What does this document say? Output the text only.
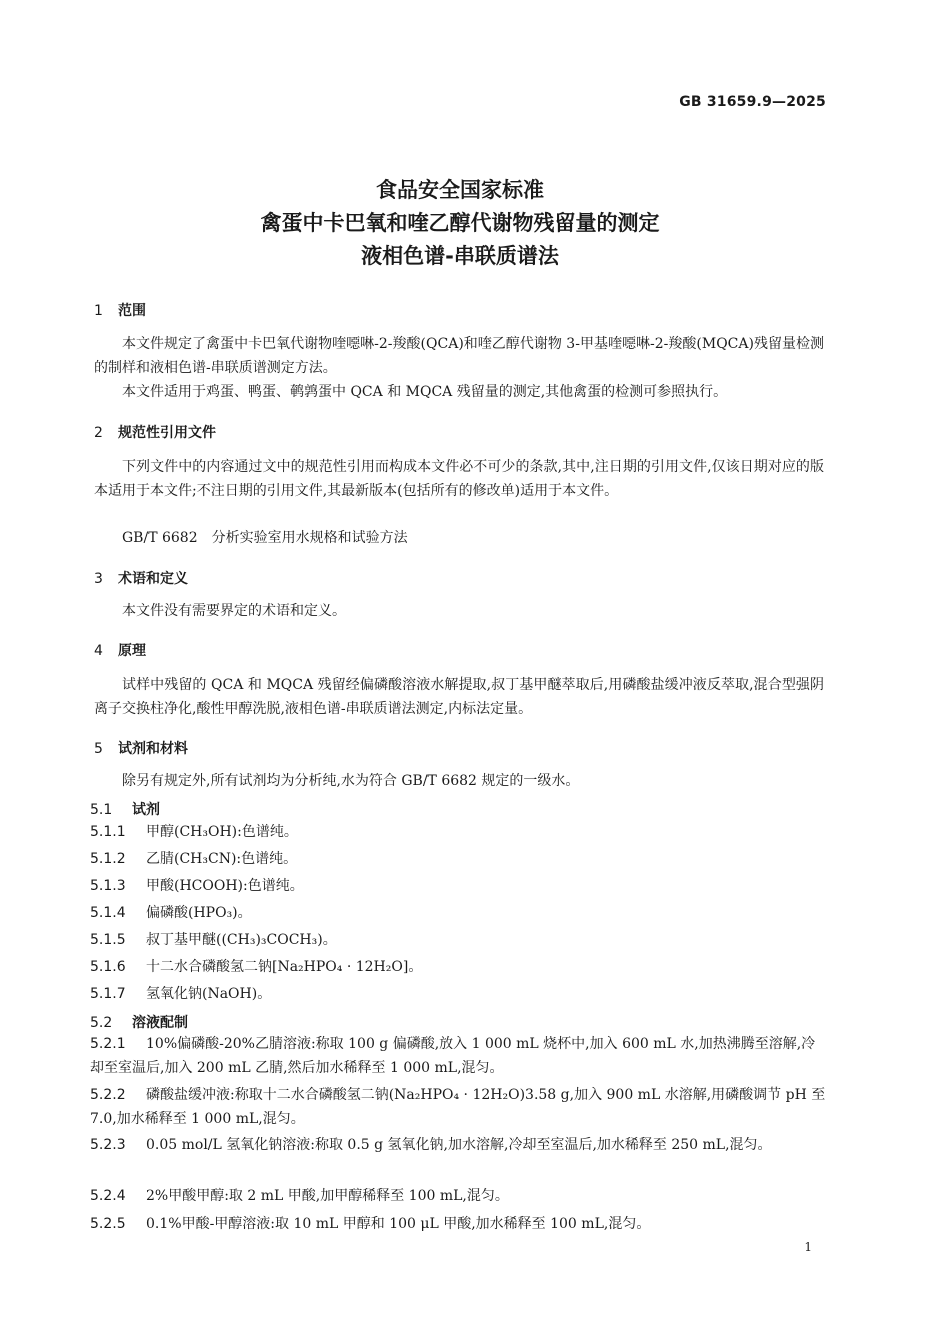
GB 31659.9—2025
食品安全国家标准
禽蛋中卡巴氧和喹乙醇代谢物残留量的测定
液相色谱-串联质谱法
1 范围
本文件规定了禽蛋中卡巴氧代谢物喹噁啉-2-羧酸(QCA)和喹乙醇代谢物 3-甲基喹噁啉-2-羧酸(MQCA)残留量检测的制样和液相色谱-串联质谱测定方法。
本文件适用于鸡蛋、鸭蛋、鹌鹑蛋中 QCA 和 MQCA 残留量的测定,其他禽蛋的检测可参照执行。
2 规范性引用文件
下列文件中的内容通过文中的规范性引用而构成本文件必不可少的条款,其中,注日期的引用文件,仅该日期对应的版本适用于本文件;不注日期的引用文件,其最新版本(包括所有的修改单)适用于本文件。
GB/T 6682　分析实验室用水规格和试验方法
3 术语和定义
本文件没有需要界定的术语和定义。
4 原理
试样中残留的 QCA 和 MQCA 残留经偏磷酸溶液水解提取,叔丁基甲醚萃取后,用磷酸盐缓冲液反萃取,混合型强阴离子交换柱净化,酸性甲醇洗脱,液相色谱-串联质谱法测定,内标法定量。
5 试剂和材料
除另有规定外,所有试剂均为分析纯,水为符合 GB/T 6682 规定的一级水。
5.1 试剂
5.1.1 甲醇(CH₃OH):色谱纯。
5.1.2 乙腈(CH₃CN):色谱纯。
5.1.3 甲酸(HCOOH):色谱纯。
5.1.4 偏磷酸(HPO₃)。
5.1.5 叔丁基甲醚((CH₃)₃COCH₃)。
5.1.6 十二水合磷酸氢二钠[Na₂HPO₄ · 12H₂O]。
5.1.7 氢氧化钠(NaOH)。
5.2 溶液配制
5.2.1 10%偏磷酸-20%乙腈溶液:称取 100 g 偏磷酸,放入 1 000 mL 烧杯中,加入 600 mL 水,加热沸腾至溶解,冷却至室温后,加入 200 mL 乙腈,然后加水稀释至 1 000 mL,混匀。
5.2.2 磷酸盐缓冲液:称取十二水合磷酸氢二钠(Na₂HPO₄ · 12H₂O)3.58 g,加入 900 mL 水溶解,用磷酸调节 pH 至 7.0,加水稀释至 1 000 mL,混匀。
5.2.3 0.05 mol/L 氢氧化钠溶液:称取 0.5 g 氢氧化钠,加水溶解,冷却至室温后,加水稀释至 250 mL,混匀。
5.2.4 2%甲酸甲醇:取 2 mL 甲酸,加甲醇稀释至 100 mL,混匀。
5.2.5 0.1%甲酸-甲醇溶液:取 10 mL 甲醇和 100 μL 甲酸,加水稀释至 100 mL,混匀。
1
